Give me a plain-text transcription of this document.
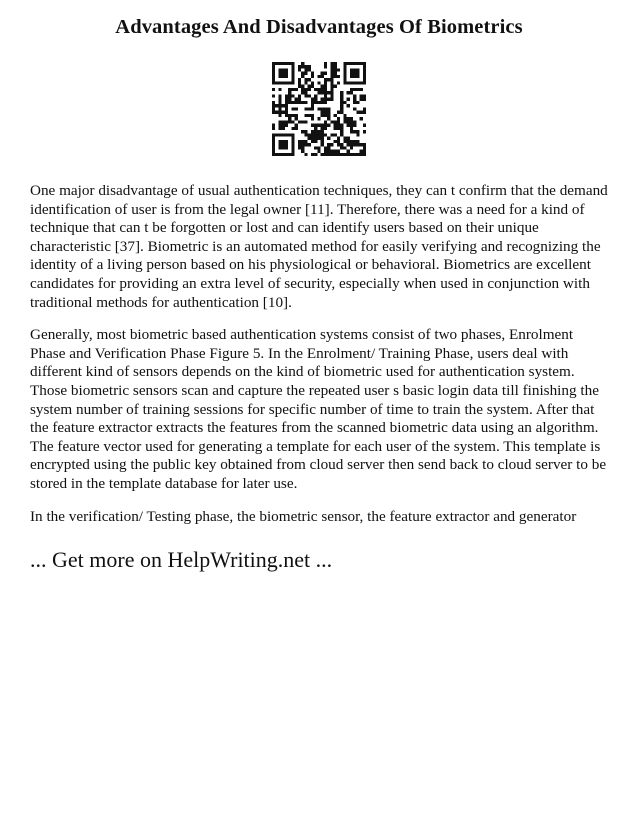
Advantages And Disadvantages Of Biometrics

One major disadvantage of usual authentication techniques, they can t confirm that the demand identification of user is from the legal owner [11]. Therefore, there was a need for a kind of technique that can t be forgotten or lost and can identify users based on their unique characteristic [37]. Biometric is an automated method for easily verifying and recognizing the identity of a living person based on his physiological or behavioral. Biometrics are excellent candidates for providing an extra level of security, especially when used in conjunction with traditional methods for authentication [10].

Generally, most biometric based authentication systems consist of two phases, Enrolment Phase and Verification Phase Figure 5. In the Enrolment/ Training Phase, users deal with different kind of sensors depends on the kind of biometric used for authentication system. Those biometric sensors scan and capture the repeated user s basic login data till finishing the system number of training sessions for specific number of time to train the system. After that the feature extractor extracts the features from the scanned biometric data using an algorithm. The feature vector used for generating a template for each user of the system. This template is encrypted using the public key obtained from cloud server then send back to cloud server to be stored in the template database for later use.

In the verification/ Testing phase, the biometric sensor, the feature extractor and generator

... Get more on HelpWriting.net ...
